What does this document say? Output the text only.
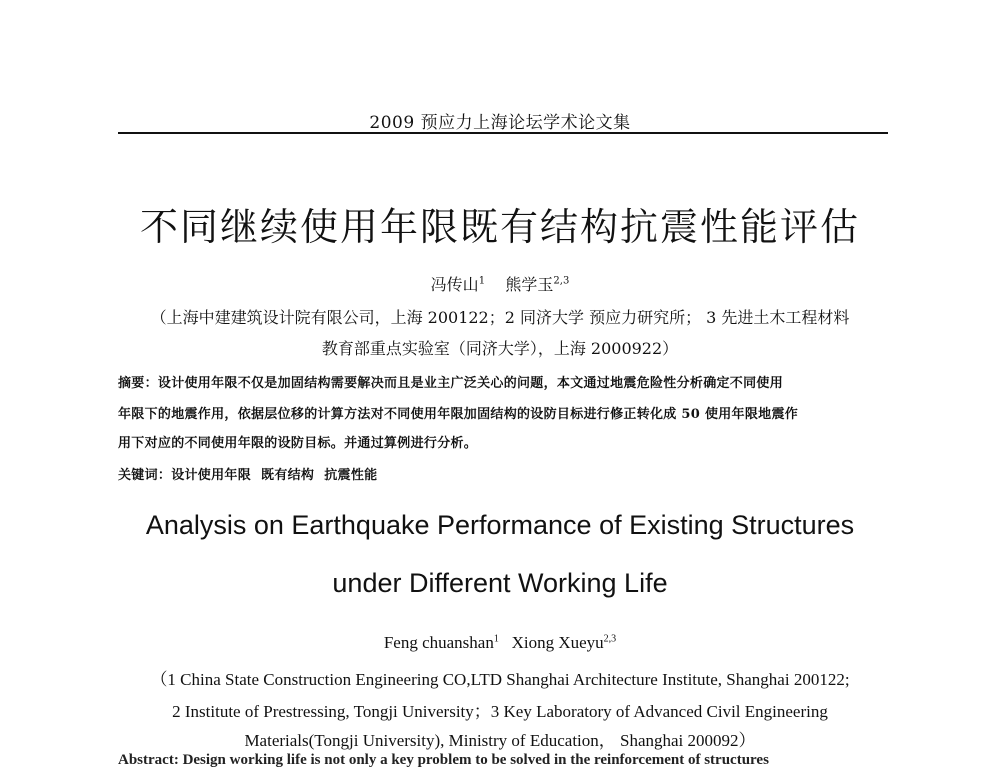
2009 预应力上海论坛学术论文集
不同继续使用年限既有结构抗震性能评估
冯传山$^1$ 熊学玉$^{2,3}$
（上海中建建筑设计院有限公司，上海 200122；2 同济大学 预应力研究所； 3 先进土木工程材料
教育部重点实验室（同济大学），上海 2000922）
摘要：设计使用年限不仅是加固结构需要解决而且是业主广泛关心的问题，本文通过地震危险性分析确定不同使用
年限下的地震作用，依据层位移的计算方法对不同使用年限加固结构的设防目标进行修正转化成 50 使用年限地震作
用下对应的不同使用年限的设防目标。并通过算例进行分析。
关键词：设计使用年限 既有结构 抗震性能
Analysis on Earthquake Performance of Existing Structures
under Different Working Life
Feng chuanshan$^1$ Xiong Xueyu$^{2,3}$
（1 China State Construction Engineering CO,LTD Shanghai Architecture Institute, Shanghai 200122;
2 Institute of Prestressing, Tongji University；3 Key Laboratory of Advanced Civil Engineering
Materials(Tongji University), Ministry of Education， Shanghai 200092）
Abstract: Design working life is not only a key problem to be solved in the reinforcement of structures
